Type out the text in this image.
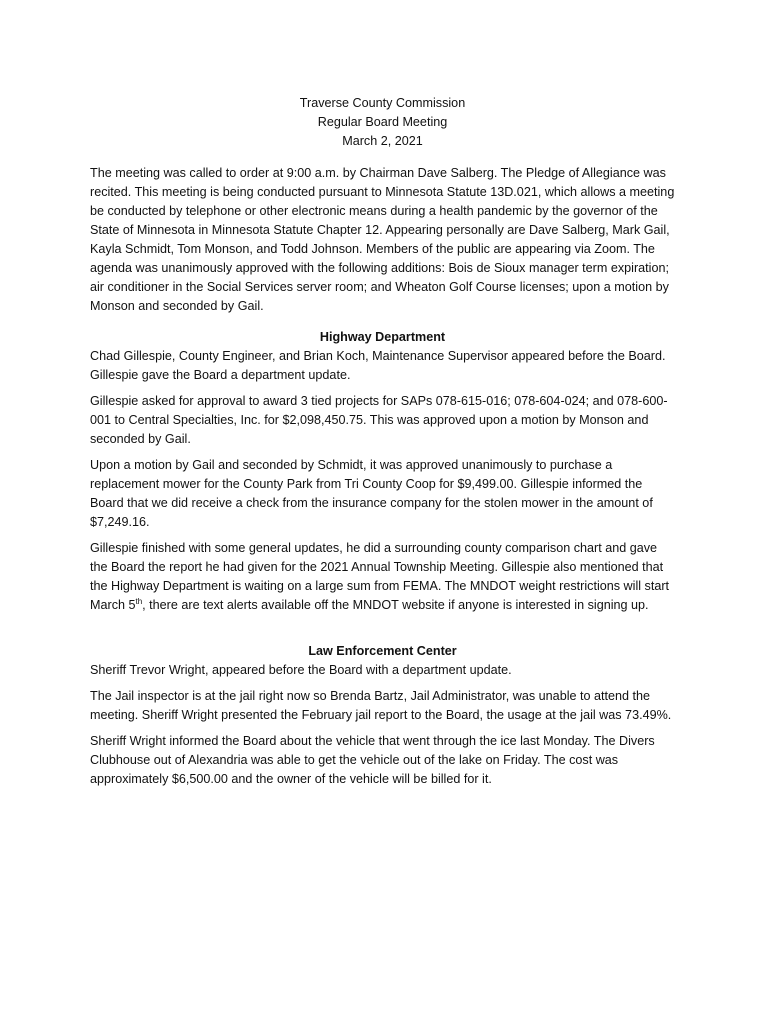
Traverse County Commission
Regular Board Meeting
March 2, 2021

The meeting was called to order at 9:00 a.m. by Chairman Dave Salberg. The Pledge of Allegiance was recited. This meeting is being conducted pursuant to Minnesota Statute 13D.021, which allows a meeting be conducted by telephone or other electronic means during a health pandemic by the governor of the State of Minnesota in Minnesota Statute Chapter 12. Appearing personally are Dave Salberg, Mark Gail, Kayla Schmidt, Tom Monson, and Todd Johnson. Members of the public are appearing via Zoom. The agenda was unanimously approved with the following additions: Bois de Sioux manager term expiration; air conditioner in the Social Services server room; and Wheaton Golf Course licenses; upon a motion by Monson and seconded by Gail.

Highway Department

Chad Gillespie, County Engineer, and Brian Koch, Maintenance Supervisor appeared before the Board. Gillespie gave the Board a department update.

Gillespie asked for approval to award 3 tied projects for SAPs 078-615-016; 078-604-024; and 078-600-001 to Central Specialties, Inc. for $2,098,450.75. This was approved upon a motion by Monson and seconded by Gail.

Upon a motion by Gail and seconded by Schmidt, it was approved unanimously to purchase a replacement mower for the County Park from Tri County Coop for $9,499.00. Gillespie informed the Board that we did receive a check from the insurance company for the stolen mower in the amount of $7,249.16.

Gillespie finished with some general updates, he did a surrounding county comparison chart and gave the Board the report he had given for the 2021 Annual Township Meeting. Gillespie also mentioned that the Highway Department is waiting on a large sum from FEMA. The MNDOT weight restrictions will start March 5th, there are text alerts available off the MNDOT website if anyone is interested in signing up.

Law Enforcement Center

Sheriff Trevor Wright, appeared before the Board with a department update.

The Jail inspector is at the jail right now so Brenda Bartz, Jail Administrator, was unable to attend the meeting. Sheriff Wright presented the February jail report to the Board, the usage at the jail was 73.49%.

Sheriff Wright informed the Board about the vehicle that went through the ice last Monday. The Divers Clubhouse out of Alexandria was able to get the vehicle out of the lake on Friday. The cost was approximately $6,500.00 and the owner of the vehicle will be billed for it.
